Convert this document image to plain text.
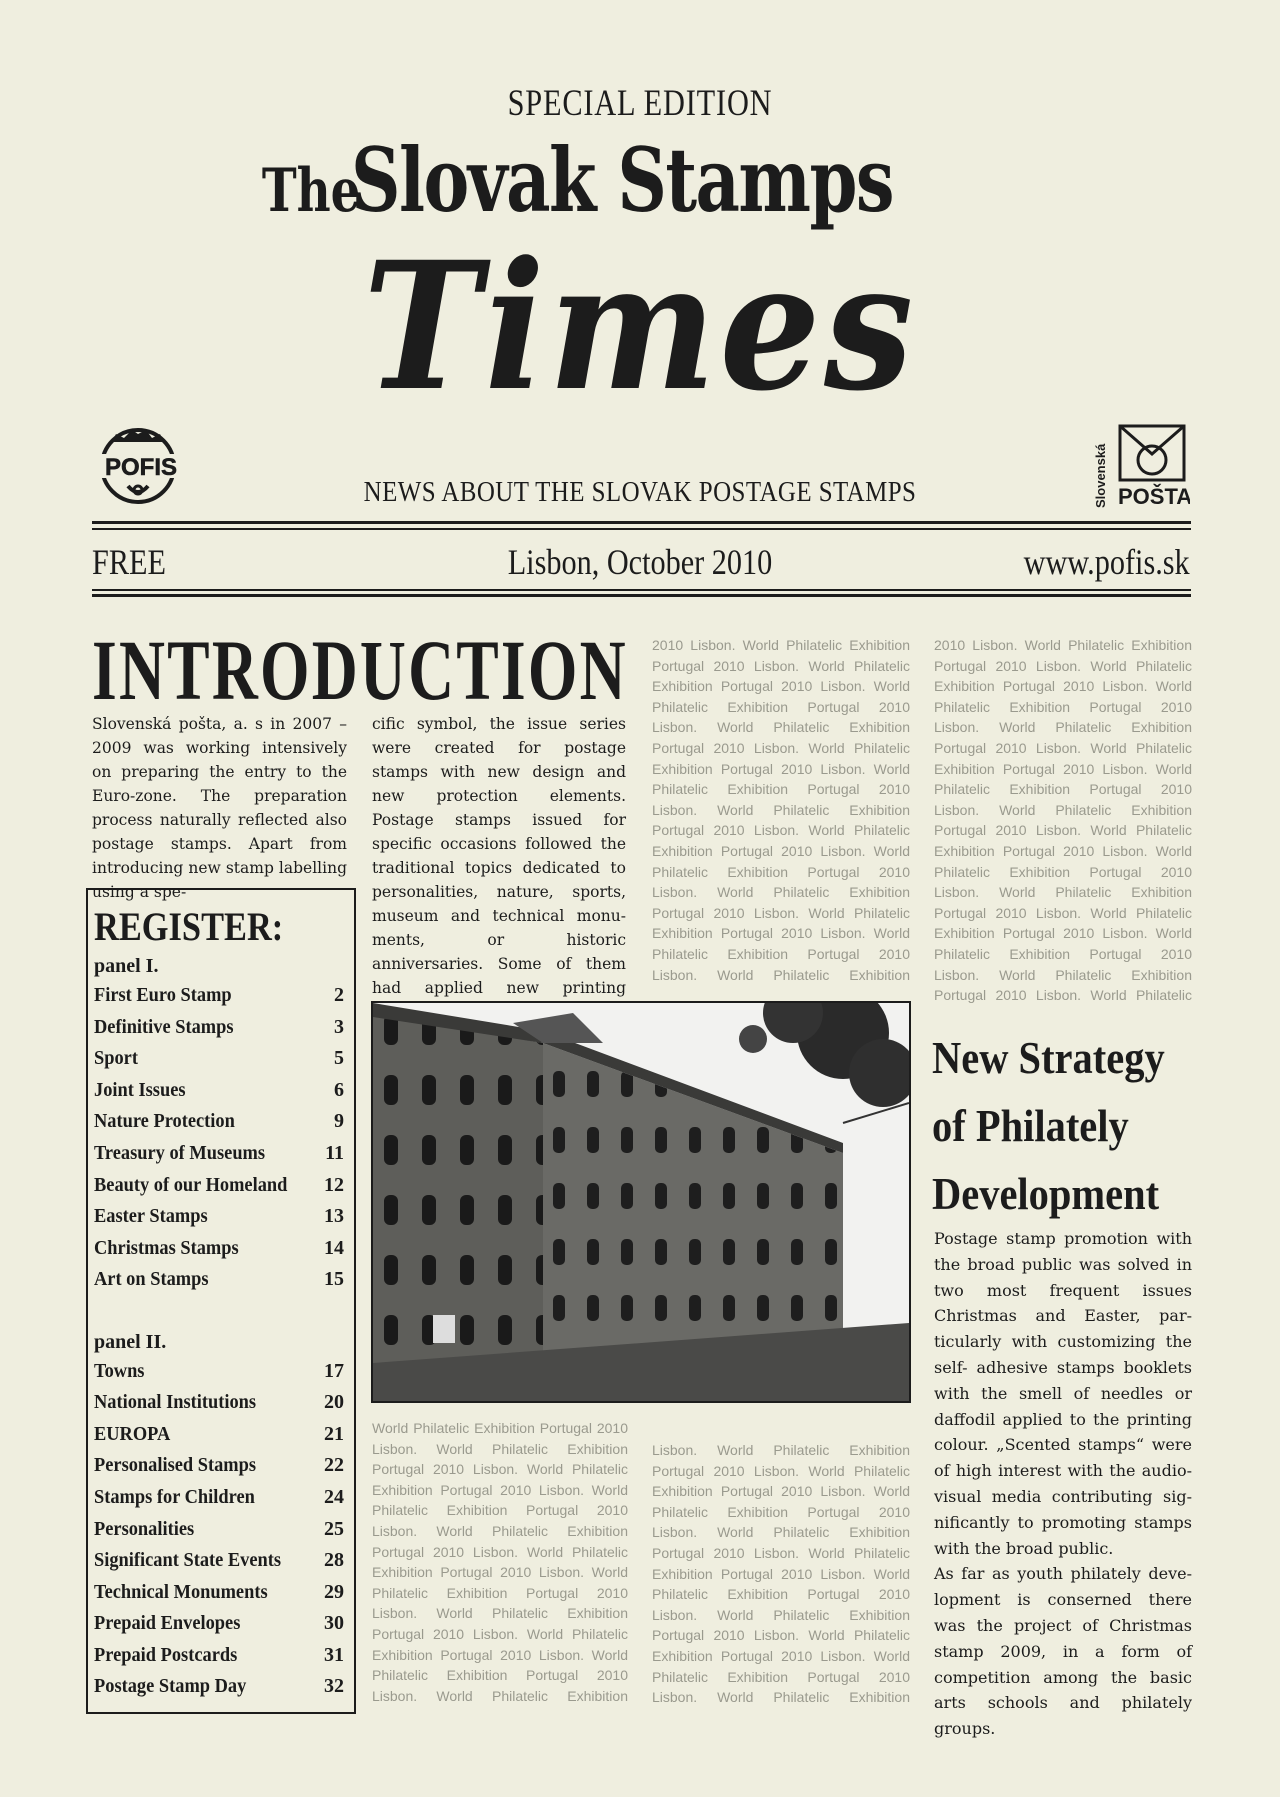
SPECIAL EDITION
The Slovak Stamps
Times
NEWS ABOUT THE SLOVAK POSTAGE STAMPS
POFIS	Slovenská POŠTA
FREE	Lisbon, October 2010	www.pofis.sk
INTRODUCTION
Slovenská pošta, a. s in 2007 – 2009 was working intensively on preparing the entry to the Euro-zone. The preparation process naturally reflected also postage stamps. Apart from introducing new stamp labelling using a spe-
cific symbol, the issue series were created for postage stamps with new design and new protection elements. Postage stamps issued for specific occasions followed the traditional topics dedicated to personalities, nature, sports, museum and technical monu-ments, or historic anniversaries. Some of them had applied new printing
REGISTER:
panel I.
First Euro Stamp	2
Definitive Stamps	3
Sport	5
Joint Issues	6
Nature Protection	9
Treasury of Museums	11
Beauty of our Homeland 12
Easter Stamps	13
Christmas Stamps	14
Art on Stamps	15
panel II.
Towns	17
National Institutions	20
EUROPA	21
Personalised Stamps	22
Stamps for Children	24
Personalities	25
Significant State Events 28
Technical Monuments	29
Prepaid Envelopes	30
Prepaid Postcards	31
Postage Stamp Day	32
2010 Lisbon. World Philatelic Exhibition Portugal 2010 Lisbon. World Philatelic Exhibition Portugal 2010 Lisbon. World Philatelic Exhibition Portugal 2010 Lisbon. World Philatelic Exhibition Portugal 2010 Lisbon. World Philatelic Exhibition Portugal 2010 Lisbon. World Philatelic Exhibition Portugal 2010 Lisbon. World Philatelic Exhibition Portugal 2010 Lisbon. World Philatelic Exhibition Portugal 2010 Lisbon. World Philatelic Exhibition Portugal 2010 Lisbon. World Philatelic Exhibition Portugal 2010 Lisbon. World Philatelic Exhibition Portugal 2010 Lisbon. World Philatelic Exhibition Portugal 2010 Lisbon. World Philatelic Exhibition
2010 Lisbon. World Philatelic Exhibition Portugal 2010 Lisbon. World Philatelic Exhibition Portugal 2010 Lisbon. World Philatelic Exhibition Portugal 2010 Lisbon. World Philatelic Exhibition Portugal 2010 Lisbon. World Philatelic Exhibition Portugal 2010 Lisbon. World Philatelic Exhibition Portugal 2010 Lisbon. World Philatelic Exhibition Portugal 2010 Lisbon. World Philatelic Exhibition Portugal 2010 Lisbon. World Philatelic Exhibition Portugal 2010 Lisbon. World Philatelic Exhibition Portugal 2010 Lisbon. World Philatelic Exhibition Portugal 2010 Lisbon. World Philatelic Exhibition Portugal 2010 Lisbon. World Philatelic Exhibition Portugal 2010 Lisbon. World Philatelic
World Philatelic Exhibition Portugal 2010 Lisbon. World Philatelic Exhibition Portugal 2010 Lisbon. World Philatelic Exhibition Portugal 2010 Lisbon. World Philatelic Exhibition Portugal 2010 Lisbon. World Philatelic Exhibition Portugal 2010 Lisbon. World Philatelic Exhibition Portugal 2010 Lisbon. World Philatelic Exhibition Portugal 2010 Lisbon. World Philatelic Exhibition Portugal 2010 Lisbon. World Philatelic Exhibition Portugal 2010 Lisbon. World Philatelic Exhibition Portugal 2010 Lisbon. World Philatelic Exhibition
Lisbon. World Philatelic Exhibition Portugal 2010 Lisbon. World Philatelic Exhibition Portugal 2010 Lisbon. World Philatelic Exhibition Portugal 2010 Lisbon. World Philatelic Exhibition Portugal 2010 Lisbon. World Philatelic Exhibition Portugal 2010 Lisbon. World Philatelic Exhibition Portugal 2010 Lisbon. World Philatelic Exhibition Portugal 2010 Lisbon. World Philatelic Exhibition Portugal 2010 Lisbon. World Philatelic Exhibition Portugal 2010 Lisbon. World Philatelic Exhibition
New Strategy
of Philately
Development
Postage stamp promotion with the broad public was solved in two most frequent issues Christmas and Easter, par-ticularly with customizing the self- adhesive stamps booklets with the smell of needles or daffodil applied to the printing colour. „Scented stamps“ were of high interest with the audio-visual media contributing sig-nificantly to promoting stamps with the broad public.
As far as youth philately deve-lopment is conserned there was the project of Christmas stamp 2009, in a form of competition among the basic arts schools and philately groups.
